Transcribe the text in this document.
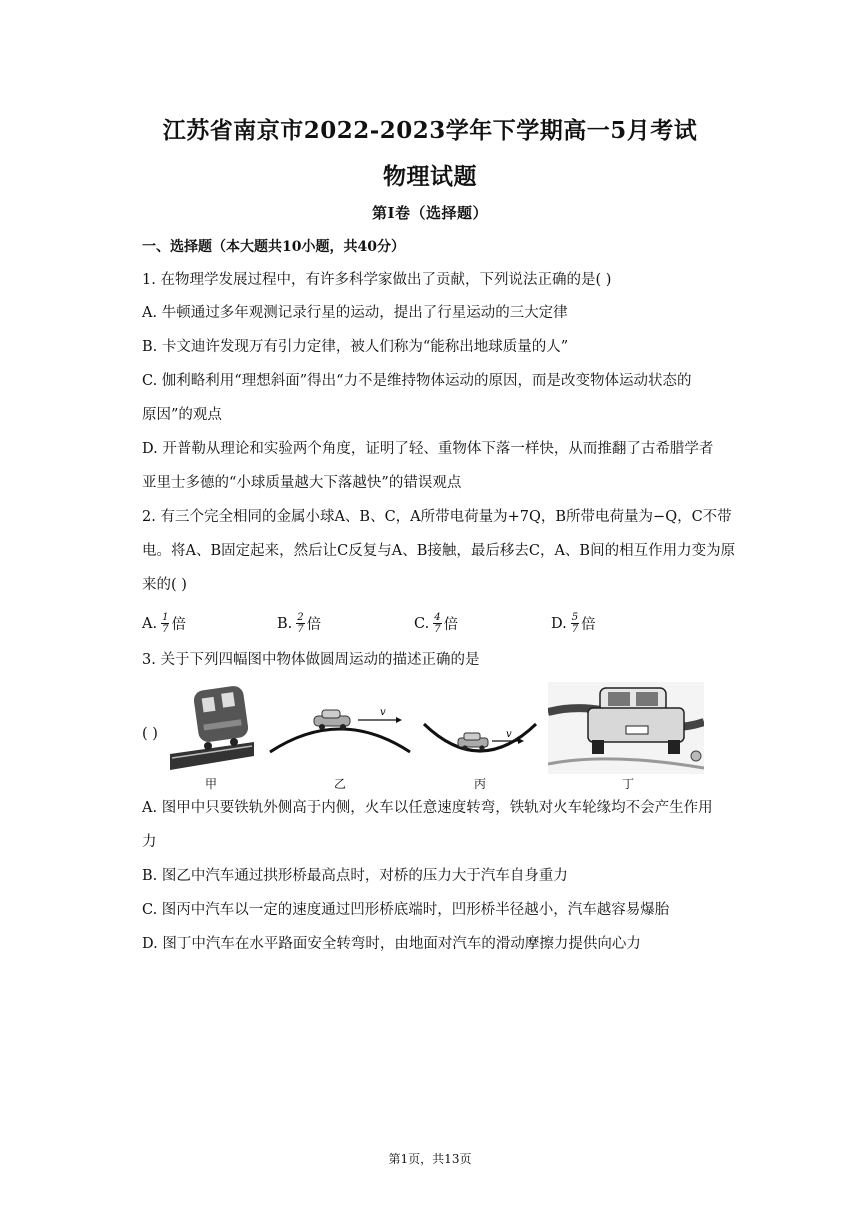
江苏省南京市2022-2023学年下学期高一5月考试
物理试题
第I卷（选择题）
一、选择题（本大题共10小题，共40分）
1. 在物理学发展过程中，有许多科学家做出了贡献，下列说法正确的是( )
A. 牛顿通过多年观测记录行星的运动，提出了行星运动的三大定律
B. 卡文迪许发现万有引力定律，被人们称为“能称出地球质量的人”
C. 伽利略利用“理想斜面”得出“力不是维持物体运动的原因，而是改变物体运动状态的
原因”的观点
D. 开普勒从理论和实验两个角度，证明了轻、重物体下落一样快，从而推翻了古希腊学者
亚里士多德的“小球质量越大下落越快”的错误观点
2. 有三个完全相同的金属小球A、B、C，A所带电荷量为+7Q，B所带电荷量为−Q，C不带
电。将A、B固定起来，然后让C反复与A、B接触，最后移去C，A、B间的相互作用力变为原
来的( )
A. $\frac{1}{7}$ 倍	B. $\frac{2}{7}$ 倍	C. $\frac{4}{7}$ 倍	D. $\frac{5}{7}$ 倍
3. 关于下列四幅图中物体做圆周运动的描述正确的是
( )
v
v
甲	乙	丙	丁
A. 图甲中只要铁轨外侧高于内侧，火车以任意速度转弯，铁轨对火车轮缘均不会产生作用
力
B. 图乙中汽车通过拱形桥最高点时，对桥的压力大于汽车自身重力
C. 图丙中汽车以一定的速度通过凹形桥底端时，凹形桥半径越小，汽车越容易爆胎
D. 图丁中汽车在水平路面安全转弯时，由地面对汽车的滑动摩擦力提供向心力
第1页，共13页
